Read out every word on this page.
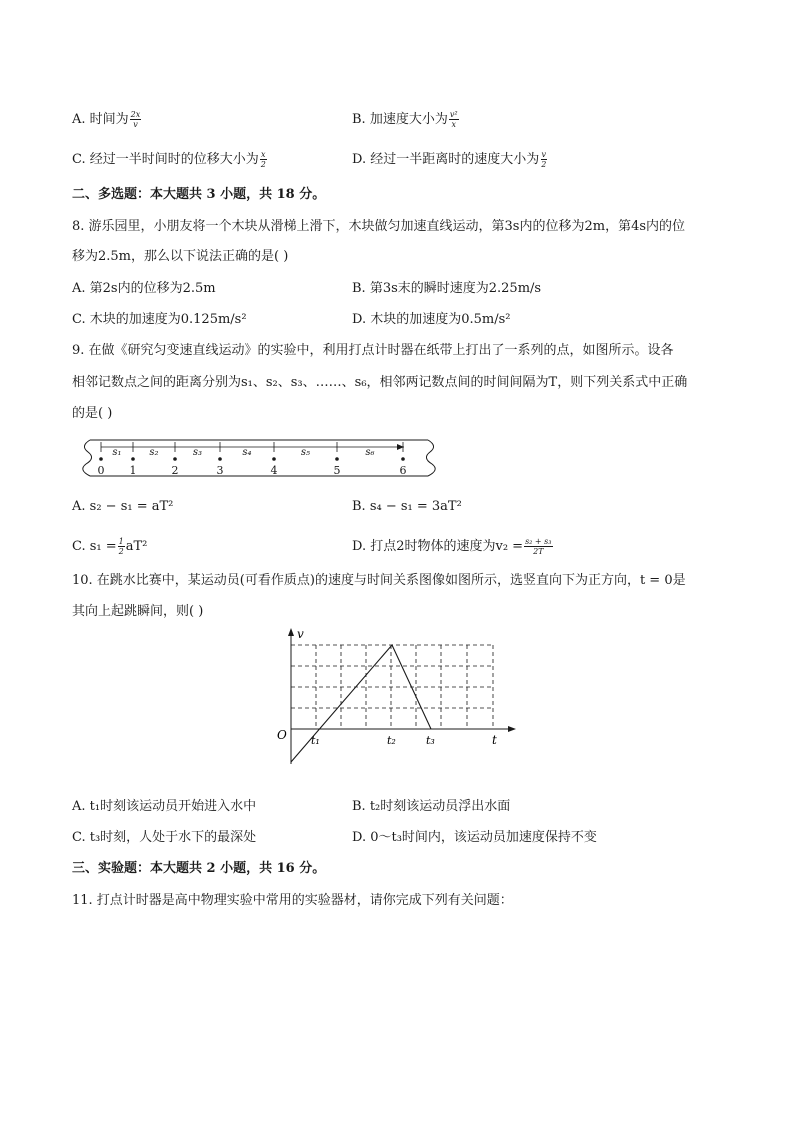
A. 时间为 $\frac{2x}{v}$	B. 加速度大小为 $\frac{\text{v²}}{x}$
C. 经过一半时间时的位移大小为 $\frac{x}{2}$	D. 经过一半距离时的速度大小为 $\frac{v}{2}$
二、多选题：本大题共 3 小题，共 18 分。
8. 游乐园里，小朋友将一个木块从滑梯上滑下，木块做匀加速直线运动，第3s内的位移为2m，第4s内的位
移为2.5m，那么以下说法正确的是( )
A. 第2s内的位移为2.5m	B. 第3s末的瞬时速度为2.25m/s
C. 木块的加速度为0.125m/s²	D. 木块的加速度为0.5m/s²
9. 在做《研究匀变速直线运动》的实验中，利用打点计时器在纸带上打出了一系列的点，如图所示。设各
相邻记数点之间的距离分别为s₁、s₂、s₃、……、s₆，相邻两记数点间的时间间隔为T，则下列关系式中正确
的是( )
0 1	2	3	4	5	6
s₁	s₂	s₃	s₄	s₅	s₆
A. s₂ − s₁ = aT²	B. s₄ − s₁ = 3aT²
C. $s_1 = \frac{1}{2} aT^2$	D. 打点2时物体的速度为$v_2 = \frac{\text{s₂ + s₃}}{2T}$
10. 在跳水比赛中，某运动员(可看作质点)的速度与时间关系图像如图所示，选竖直向下为正方向，t = 0是
其向上起跳瞬间，则( )
v
O	t
t₁	t₂	t₃
A. t₁时刻该运动员开始进入水中	B. t₂时刻该运动员浮出水面
C. t₃时刻，人处于水下的最深处	D. 0～t₃时间内，该运动员加速度保持不变
三、实验题：本大题共 2 小题，共 16 分。
11. 打点计时器是高中物理实验中常用的实验器材，请你完成下列有关问题：
